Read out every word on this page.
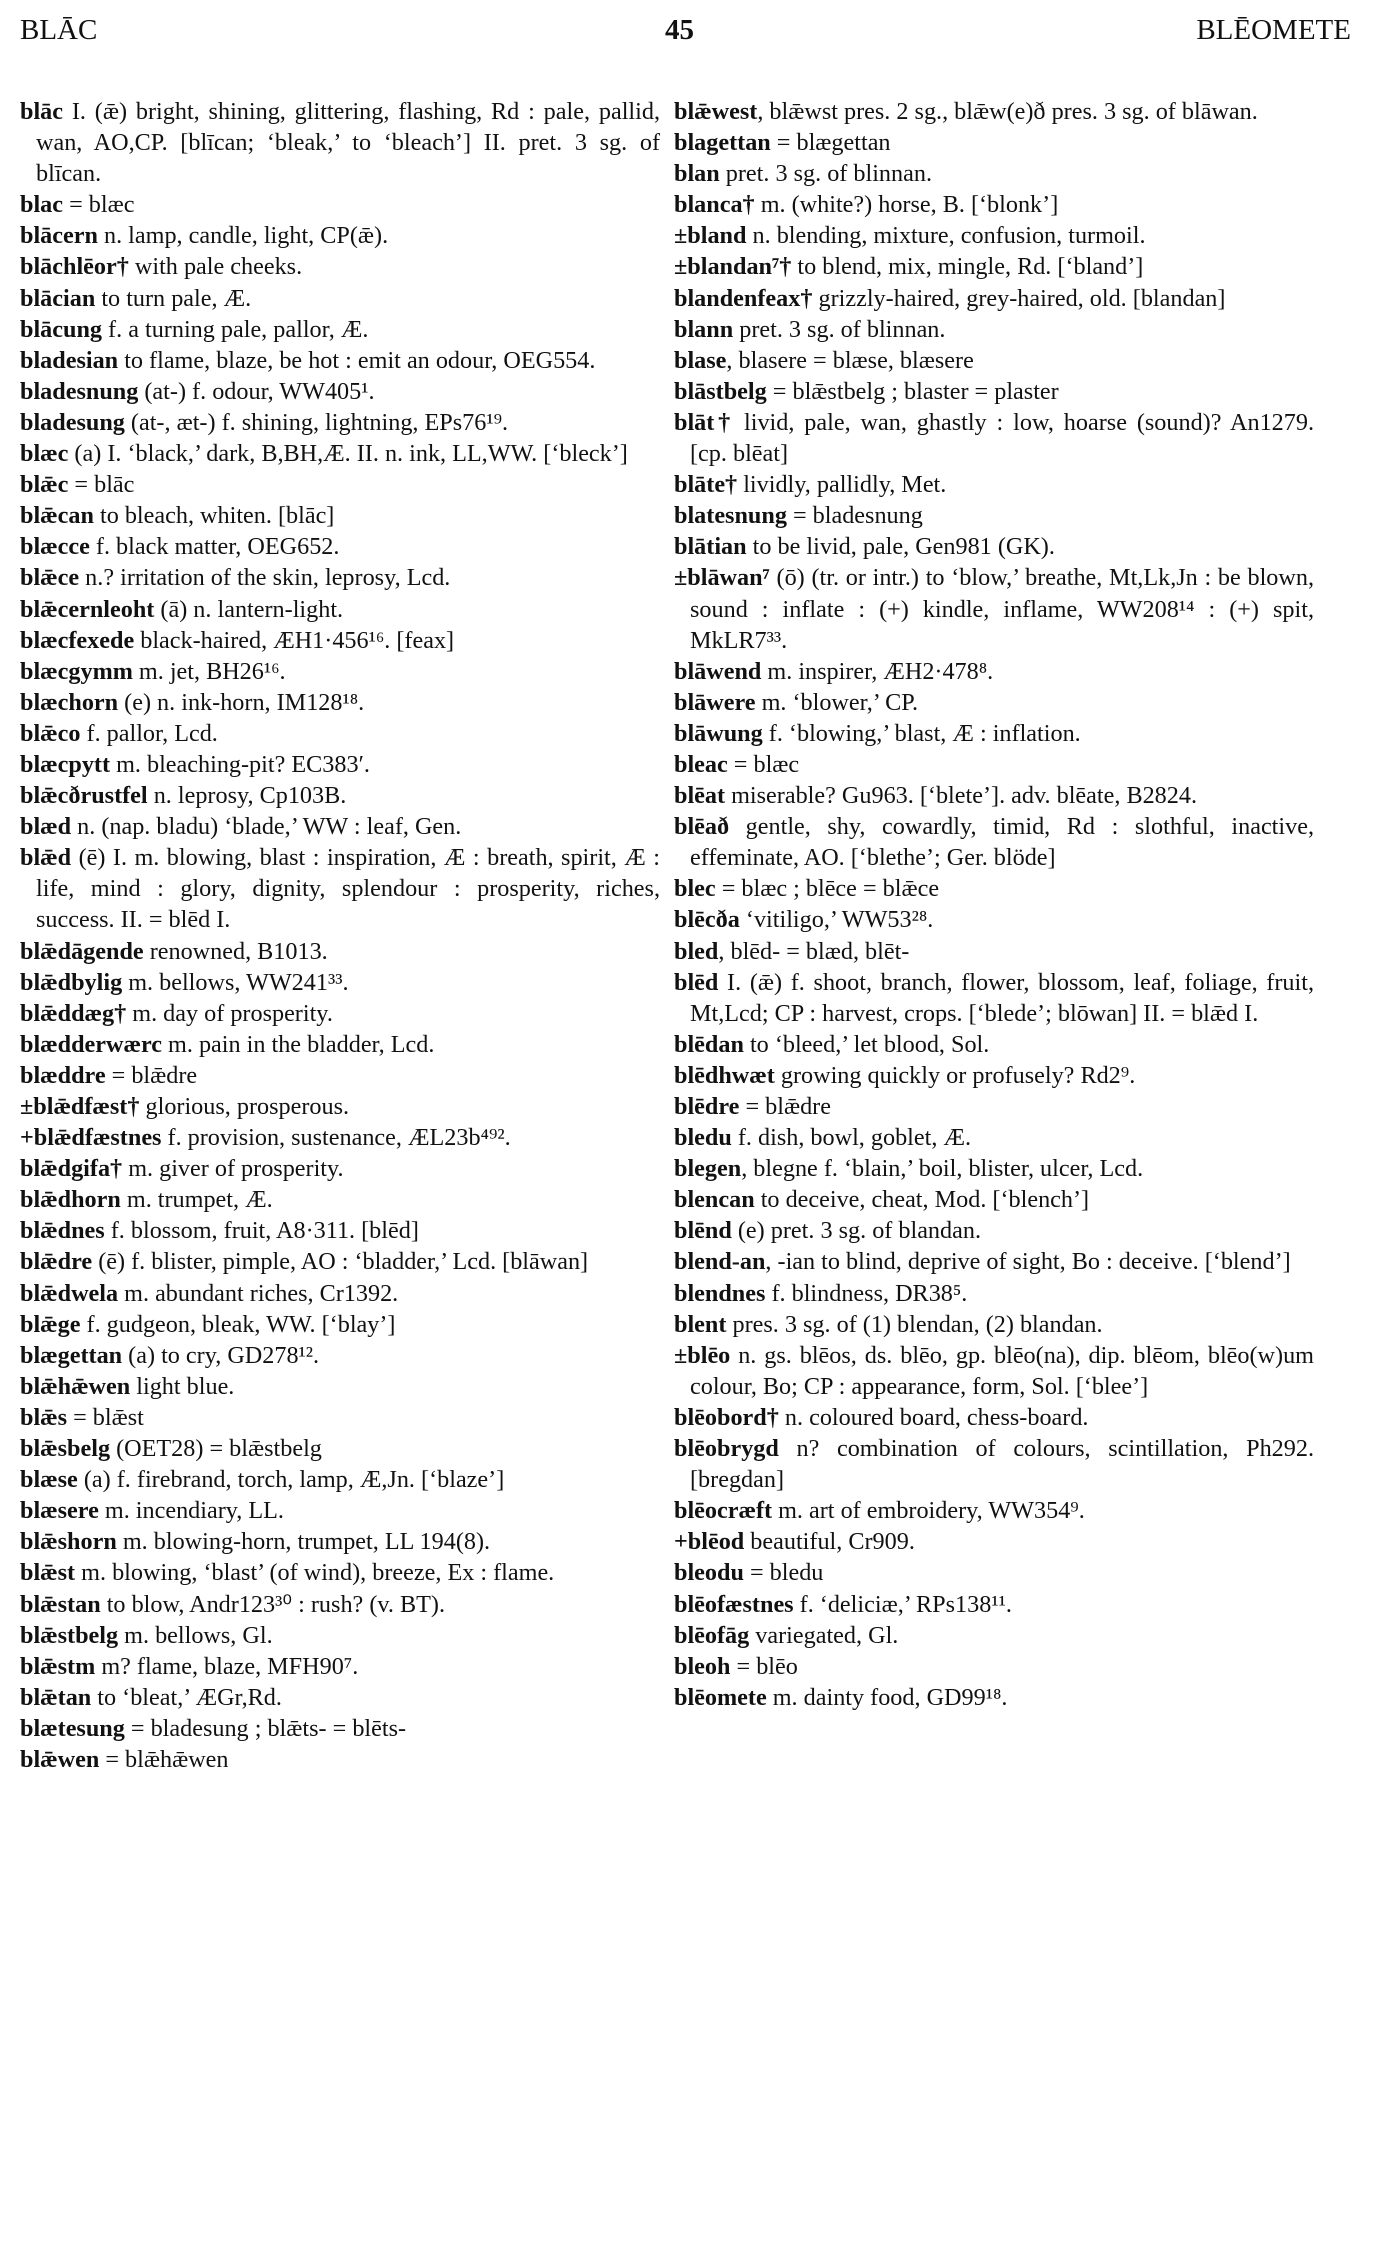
BLĀC	45	BLĒOMETE

blāc I. (ǣ) bright, shining, glittering, flashing, Rd : pale, pallid, wan, AO,CP. [blīcan; ‘bleak,’ to ‘bleach’] II. pret. 3 sg. of blīcan.

blac = blæc

blācern n. lamp, candle, light, CP(ǣ).

blāchlēor† with pale cheeks.

blācian to turn pale, Æ.

blācung f. a turning pale, pallor, Æ.

bladesian to flame, blaze, be hot : emit an odour, OEG554.

bladesnung (at-) f. odour, WW405¹.

bladesung (at-, æt-) f. shining, lightning, EPs76¹⁹.

blæc (a) I. ‘black,’ dark, B,BH,Æ. II. n. ink, LL,WW. [‘bleck’]

blǣc = blāc

blǣcan to bleach, whiten. [blāc]

blæcce f. black matter, OEG652.

blǣce n.? irritation of the skin, leprosy, Lcd.

blǣcernleoht (ā) n. lantern-light.

blæcfexede black-haired, ÆH1·456¹⁶. [feax]

blæcgymm m. jet, BH26¹⁶.

blæchorn (e) n. ink-horn, IM128¹⁸.

blǣco f. pallor, Lcd.

blæcpytt m. bleaching-pit? EC383′.

blǣcðrustfel n. leprosy, Cp103B.

blæd n. (nap. bladu) ‘blade,’ WW : leaf, Gen.

blǣd (ē) I. m. blowing, blast : inspiration, Æ : breath, spirit, Æ : life, mind : glory, dignity, splendour : prosperity, riches, success. II. = blēd I.

blǣdāgende renowned, B1013.

blǣdbylig m. bellows, WW241³³.

blǣddæg† m. day of prosperity.

blædderwærc m. pain in the bladder, Lcd.

blæddre = blǣdre

±blǣdfæst† glorious, prosperous.

+blǣdfæstnes f. provision, sustenance, ÆL23b⁴⁹².

blǣdgifa† m. giver of prosperity.

blǣdhorn m. trumpet, Æ.

blǣdnes f. blossom, fruit, A8·311. [blēd]

blǣdre (ē) f. blister, pimple, AO : ‘bladder,’ Lcd. [blāwan]

blǣdwela m. abundant riches, Cr1392.

blǣge f. gudgeon, bleak, WW. [‘blay’]

blægettan (a) to cry, GD278¹².

blǣhǣwen light blue.

blǣs = blǣst

blǣsbelg (OET28) = blǣstbelg

blæse (a) f. firebrand, torch, lamp, Æ,Jn. [‘blaze’]

blæsere m. incendiary, LL.

blǣshorn m. blowing-horn, trumpet, LL 194(8).

blǣst m. blowing, ‘blast’ (of wind), breeze, Ex : flame.

blǣstan to blow, Andr123³⁰ : rush? (v. BT).

blǣstbelg m. bellows, Gl.

blǣstm m? flame, blaze, MFH90⁷.

blǣtan to ‘bleat,’ ÆGr,Rd.

blætesung = bladesung ; blǣts- = blēts-

blǣwen = blǣhǣwen

blǣwest, blǣwst pres. 2 sg., blǣw(e)ð pres. 3 sg. of blāwan.

blagettan = blægettan

blan pret. 3 sg. of blinnan.

blanca† m. (white?) horse, B. [‘blonk’]

±bland n. blending, mixture, confusion, turmoil.

±blandan⁷† to blend, mix, mingle, Rd. [‘bland’]

blandenfeax† grizzly-haired, grey-haired, old. [blandan]

blann pret. 3 sg. of blinnan.

blase, blasere = blæse, blæsere

blāstbelg = blǣstbelg ; blaster = plaster

blāt† livid, pale, wan, ghastly : low, hoarse (sound)? An1279. [cp. blēat]

blāte† lividly, pallidly, Met.

blatesnung = bladesnung

blātian to be livid, pale, Gen981 (GK).

±blāwan⁷ (ō) (tr. or intr.) to ‘blow,’ breathe, Mt,Lk,Jn : be blown, sound : inflate : (+) kindle, inflame, WW208¹⁴ : (+) spit, MkLR7³³.

blāwend m. inspirer, ÆH2·478⁸.

blāwere m. ‘blower,’ CP.

blāwung f. ‘blowing,’ blast, Æ : inflation.

bleac = blæc

blēat miserable? Gu963. [‘blete’]. adv. blēate, B2824.

blēað gentle, shy, cowardly, timid, Rd : slothful, inactive, effeminate, AO. [‘blethe’; Ger. blöde]

blec = blæc ; blēce = blǣce

blēcða ‘vitiligo,’ WW53²⁸.

bled, blēd- = blæd, blēt-

blēd I. (ǣ) f. shoot, branch, flower, blossom, leaf, foliage, fruit, Mt,Lcd; CP : harvest, crops. [‘blede’; blōwan] II. = blǣd I.

blēdan to ‘bleed,’ let blood, Sol.

blēdhwæt growing quickly or profusely? Rd2⁹.

blēdre = blǣdre

bledu f. dish, bowl, goblet, Æ.

blegen, blegne f. ‘blain,’ boil, blister, ulcer, Lcd.

blencan to deceive, cheat, Mod. [‘blench’]

blēnd (e) pret. 3 sg. of blandan.

blend-an, -ian to blind, deprive of sight, Bo : deceive. [‘blend’]

blendnes f. blindness, DR38⁵.

blent pres. 3 sg. of (1) blendan, (2) blandan.

±blēo n. gs. blēos, ds. blēo, gp. blēo(na), dip. blēom, blēo(w)um colour, Bo; CP : appearance, form, Sol. [‘blee’]

blēobord† n. coloured board, chess-board.

blēobrygd n? combination of colours, scintillation, Ph292. [bregdan]

blēocræft m. art of embroidery, WW354⁹.

+blēod beautiful, Cr909.

bleodu = bledu

blēofæstnes f. ‘deliciæ,’ RPs138¹¹.

blēofāg variegated, Gl.

bleoh = blēo

blēomete m. dainty food, GD99¹⁸.
